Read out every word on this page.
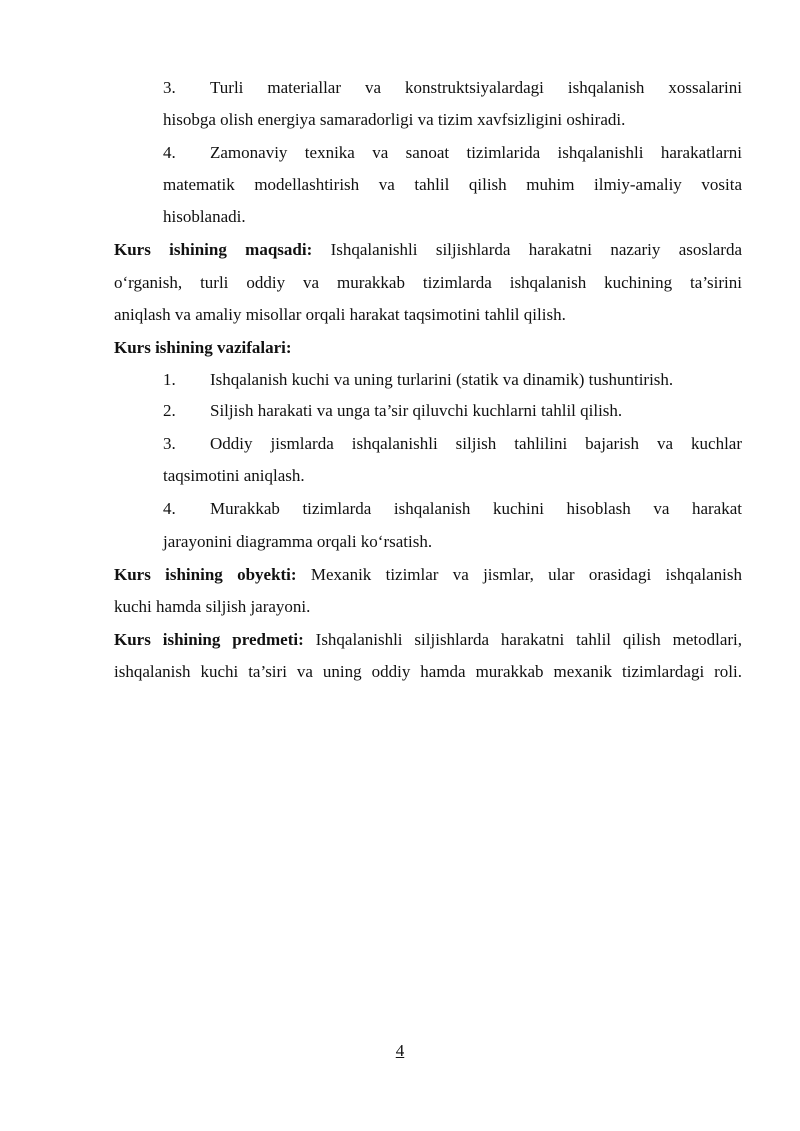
3.	Turli materiallar va konstruktsiyalardagi ishqalanish xossalarini
hisobga olish energiya samaradorligi va tizim xavfsizligini oshiradi.
4.	Zamonaviy texnika va sanoat tizimlarida ishqalanishli harakatlarni
matematik modellashtirish va tahlil qilish muhim ilmiy-amaliy vosita
hisoblanadi.
Kurs ishining maqsadi: Ishqalanishli siljishlarda harakatni nazariy asoslarda
o‘rganish, turli oddiy va murakkab tizimlarda ishqalanish kuchining ta’sirini
aniqlash va amaliy misollar orqali harakat taqsimotini tahlil qilish.
Kurs ishining vazifalari:
1.	Ishqalanish kuchi va uning turlarini (statik va dinamik) tushuntirish.
2.	Siljish harakati va unga ta’sir qiluvchi kuchlarni tahlil qilish.
3.	Oddiy jismlarda ishqalanishli siljish tahlilini bajarish va kuchlar
taqsimotini aniqlash.
4.	Murakkab tizimlarda ishqalanish kuchini hisoblash va harakat
jarayonini diagramma orqali ko‘rsatish.
Kurs ishining obyekti: Mexanik tizimlar va jismlar, ular orasidagi ishqalanish
kuchi hamda siljish jarayoni.
Kurs ishining predmeti: Ishqalanishli siljishlarda harakatni tahlil qilish metodlari,
ishqalanish kuchi ta’siri va uning oddiy hamda murakkab mexanik tizimlardagi roli.
4
